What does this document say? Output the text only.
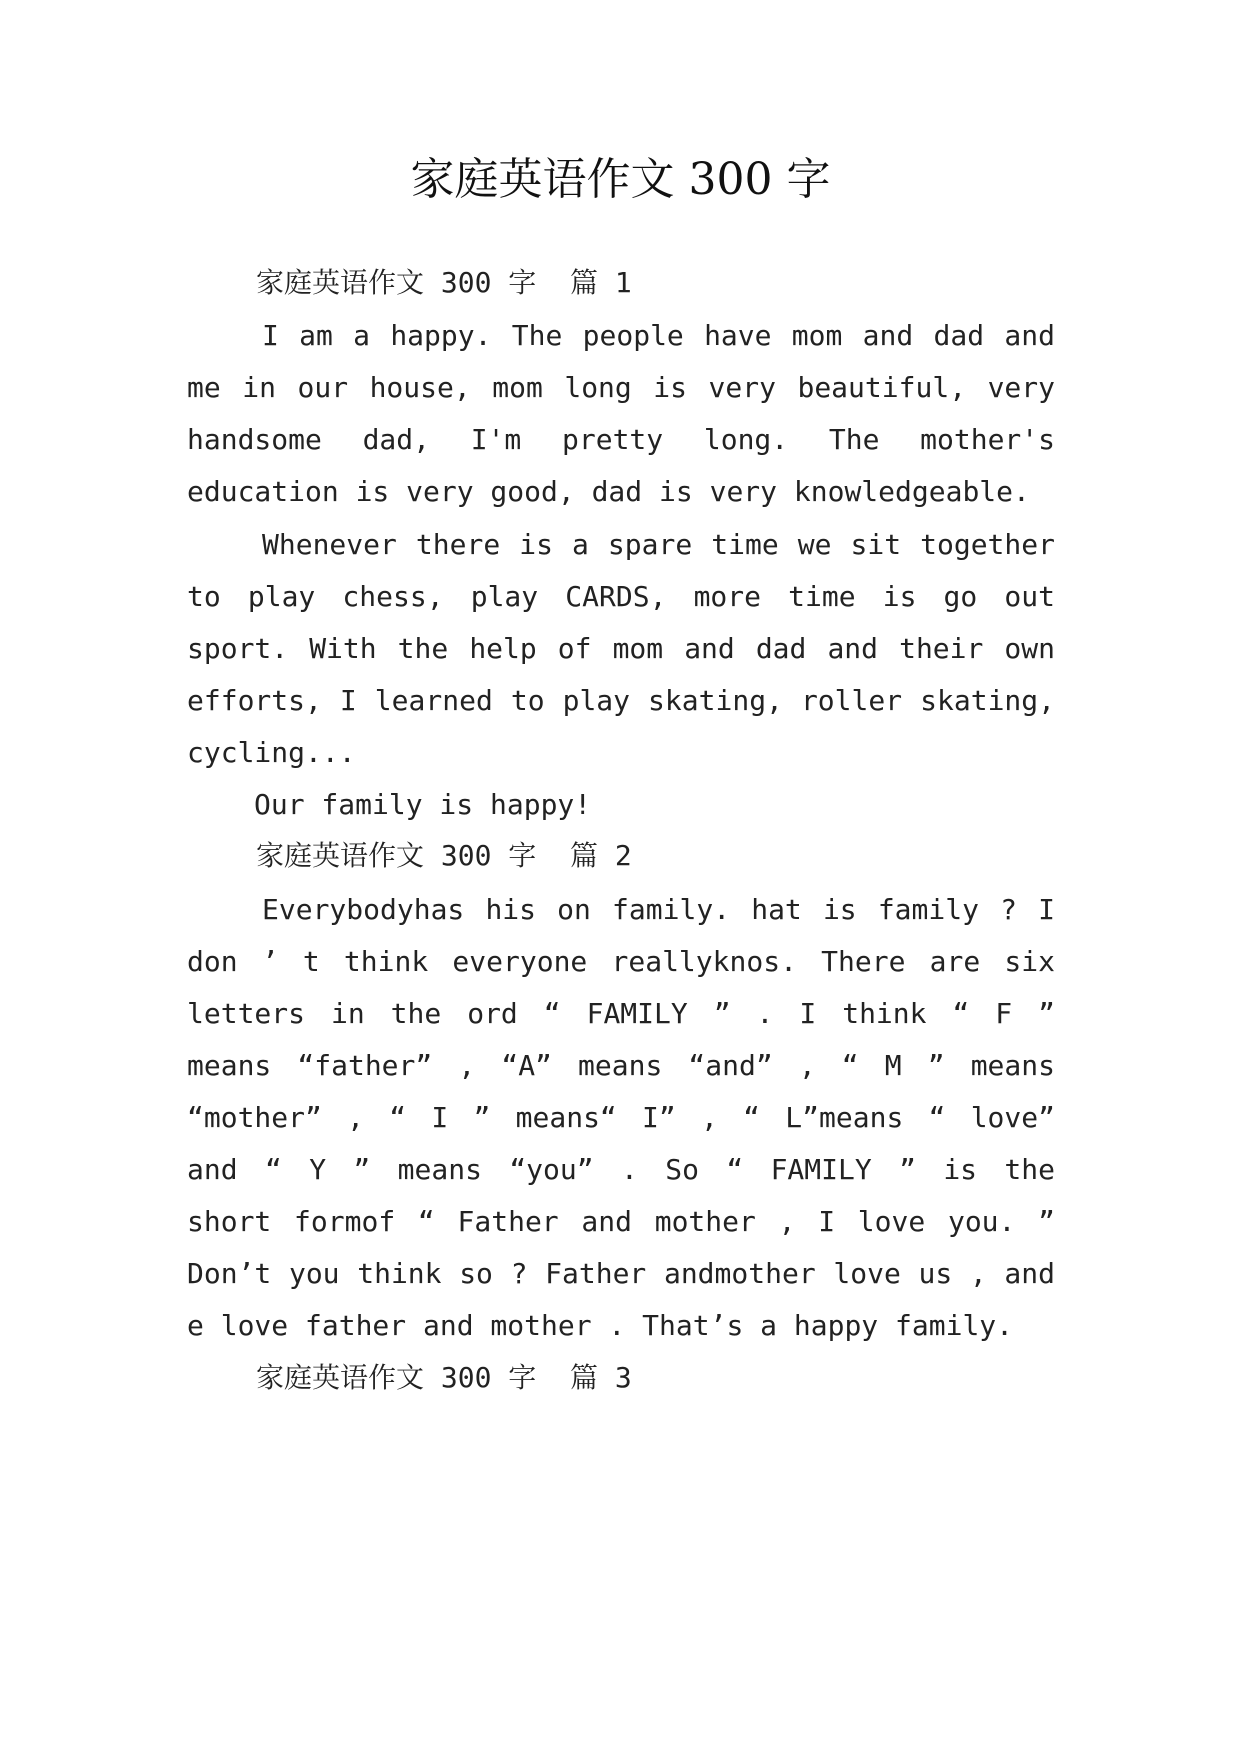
家庭英语作文 300 字
家庭英语作文 300 字  篇 1
I am a happy. The people have mom and dad and
me in our house, mom long is very beautiful, very
handsome dad, I'm pretty long. The mother's
education is very good, dad is very knowledgeable.
Whenever there is a spare time we sit together
to play chess, play CARDS, more time is go out
sport. With the help of mom and dad and their own
efforts, I learned to play skating, roller skating,
cycling...
Our family is happy!
家庭英语作文 300 字  篇 2
Everybodyhas his on family. hat is family ? I
don ’ t think everyone reallyknos. There are six
letters in the ord “ FAMILY ” . I think “ F ”
means “father” , “A” means “and” , “ M ” means
“mother” , “ I ” means“ I” , “ L”means “ love”
and “ Y ” means “you” . So “ FAMILY ” is the
short formof “ Father and mother , I love you. ”
Don’t you think so ? Father andmother love us , and
e love father and mother . That’s a happy family.
家庭英语作文 300 字  篇 3
